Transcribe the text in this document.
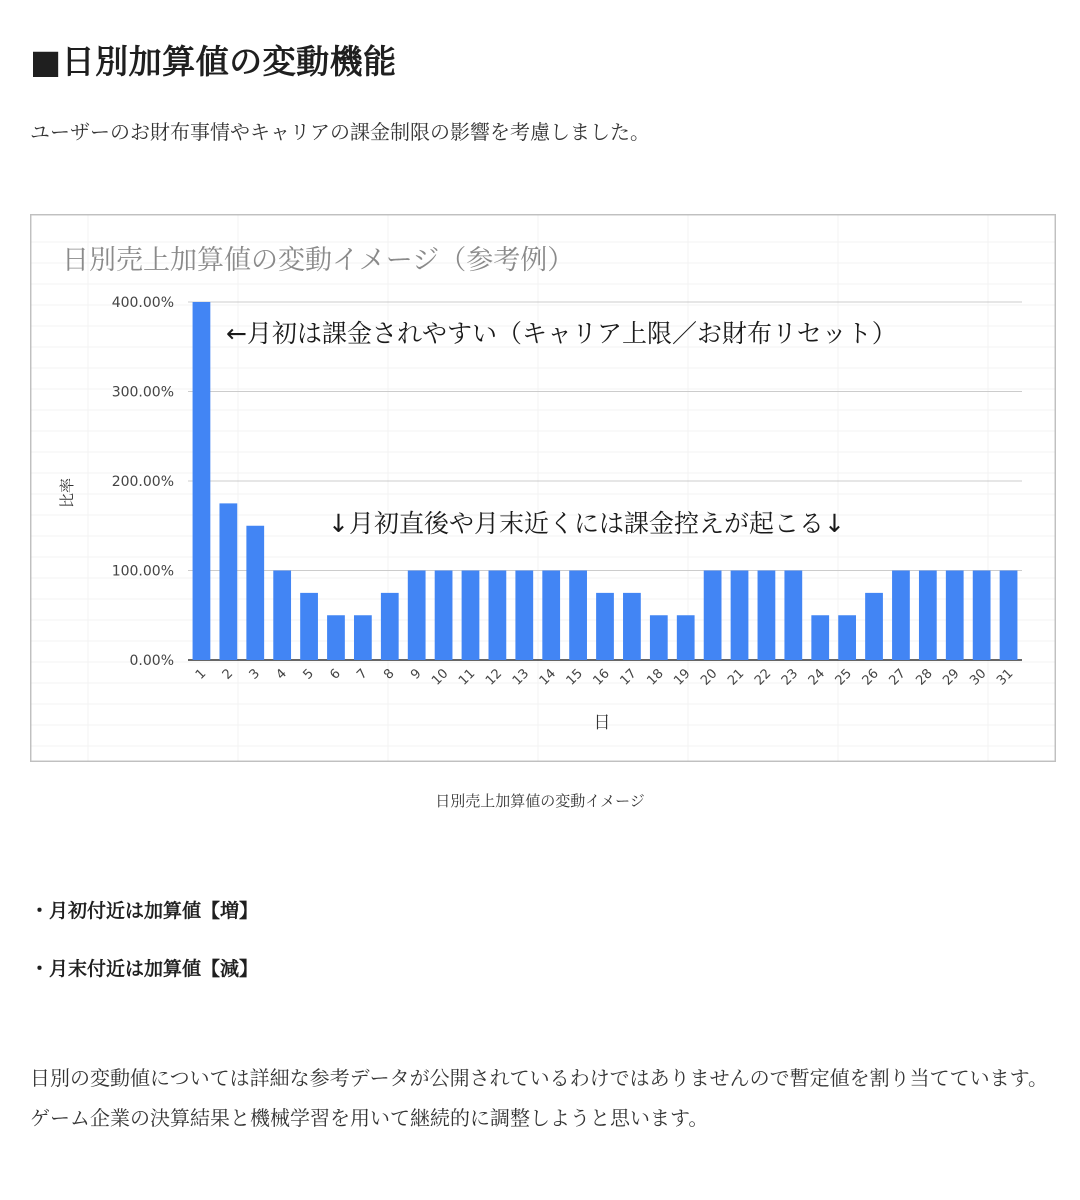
■日別加算値の変動機能

ユーザーのお財布事情やキャリアの課金制限の影響を考慮しました。

日別売上加算値の変動イメージ（参考例）
0.00%
100.00%
200.00%
300.00%
400.00%
1 2 3 4 5 6 7 8 9 10 11 12 13 14 15 16 17 18 19 20 21 22 23 24 25 26 27 28 29 30 31
日
比率
←月初は課金されやすい（キャリア上限／お財布リセット）
↓月初直後や月末近くには課金控えが起こる↓

日別売上加算値の変動イメージ

・月初付近は加算値【増】

・月末付近は加算値【減】

日別の変動値については詳細な参考データが公開されているわけではありませんので暫定値を割り当てています。ゲーム企業の決算結果と機械学習を用いて継続的に調整しようと思います。
